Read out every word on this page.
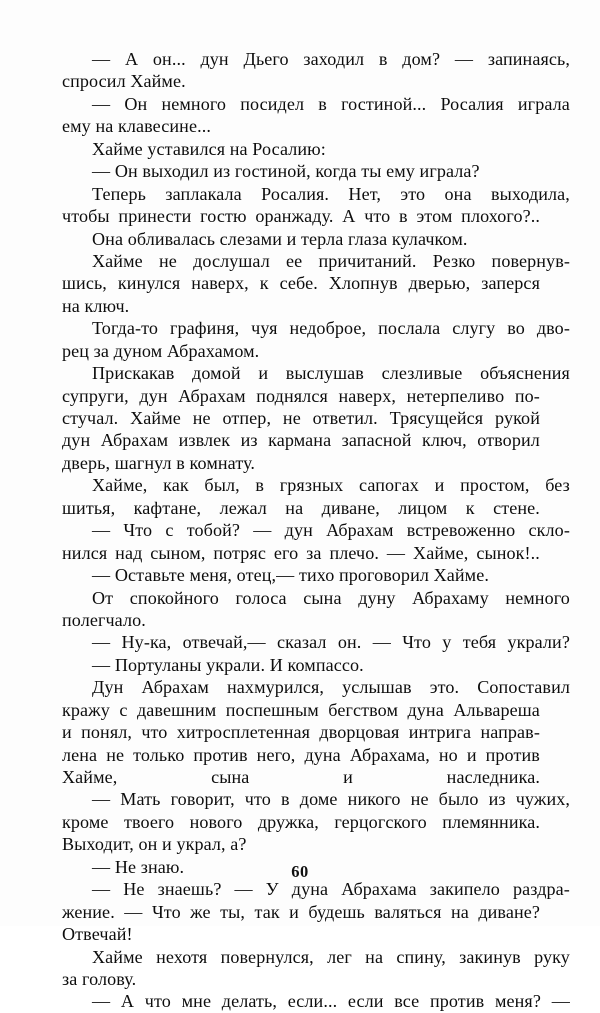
— А он... дун Дьего заходил в дом? — запинаясь,
спросил Хайме.
— Он немного посидел в гостиной... Росалия играла
ему на клавесине...
Хайме уставился на Росалию:
— Он выходил из гостиной, когда ты ему играла?
Теперь заплакала Росалия. Нет, это она выходила,
чтобы принести гостю оранжаду. А что в этом плохого?..
Она обливалась слезами и терла глаза кулачком.
Хайме не дослушал ее причитаний. Резко повернув-
шись, кинулся наверх, к себе. Хлопнув дверью, заперся
на ключ.
Тогда-то графиня, чуя недоброе, послала слугу во дво-
рец за дуном Абрахамом.
Прискакав домой и выслушав слезливые объяснения
супруги, дун Абрахам поднялся наверх, нетерпеливо по-
стучал. Хайме не отпер, не ответил. Трясущейся рукой
дун Абрахам извлек из кармана запасной ключ, отворил
дверь, шагнул в комнату.
Хайме, как был, в грязных сапогах и простом, без
шитья, кафтане, лежал на диване, лицом к стене.
— Что с тобой? — дун Абрахам встревоженно скло-
нился над сыном, потряс его за плечо. — Хайме, сынок!..
— Оставьте меня, отец,— тихо проговорил Хайме.
От спокойного голоса сына дуну Абрахаму немного
полегчало.
— Ну-ка, отвечай,— сказал он. — Что у тебя украли?
— Портуланы украли. И компассо.
Дун Абрахам нахмурился, услышав это. Сопоставил
кражу с давешним поспешным бегством дуна Альвареша
и понял, что хитросплетенная дворцовая интрига направ-
лена не только против него, дуна Абрахама, но и против
Хайме,	сына	и	наследника.
— Мать говорит, что в доме никого не было из чужих,
кроме твоего нового дружка, герцогского племянника.
Выходит, он и украл, а?
— Не знаю.
— Не знаешь? — У дуна Абрахама закипело раздра-
жение. — Что же ты, так и будешь валяться на диване?
Отвечай!
Хайме нехотя повернулся, лег на спину, закинув руку
за голову.
— А что мне делать, если... если все против меня? —
60
